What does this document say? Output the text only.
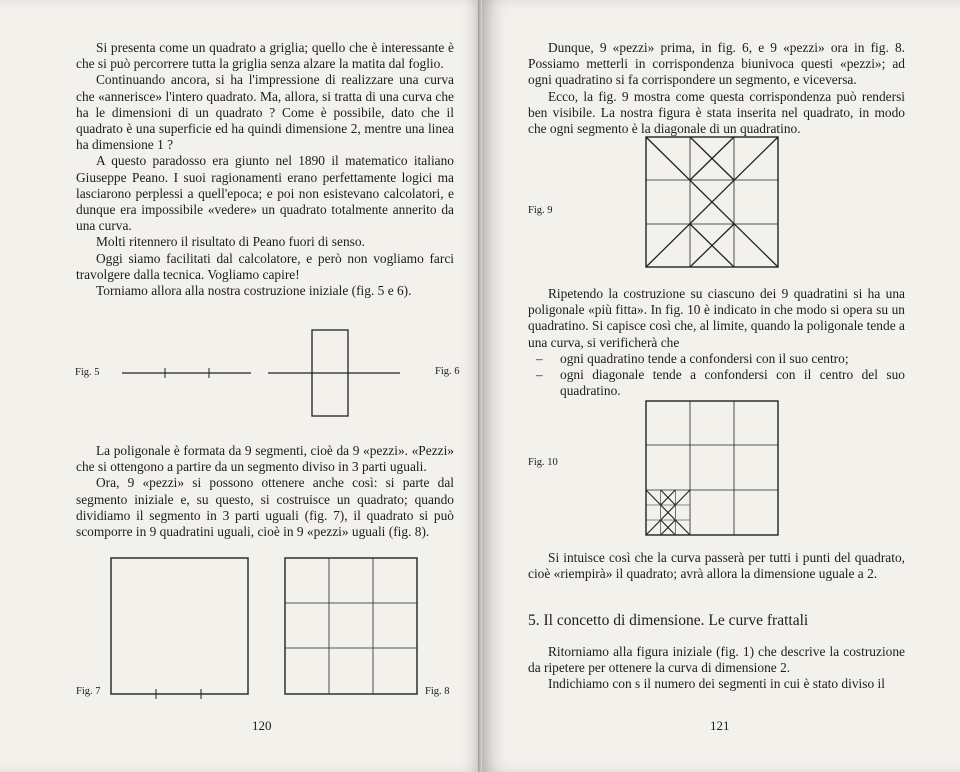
Si presenta come un quadrato a griglia; quello che è interessante è che si può percorrere tutta la griglia senza alzare la matita dal foglio.

Continuando ancora, si ha l'impressione di realizzare una curva che «annerisce» l'intero quadrato. Ma, allora, si tratta di una curva che ha le dimensioni di un quadrato ? Come è possibile, dato che il quadrato è una superficie ed ha quindi dimensione 2, mentre una linea ha dimensione 1 ?

A questo paradosso era giunto nel 1890 il matematico italiano Giuseppe Peano. I suoi ragionamenti erano perfettamente logici ma lasciarono perplessi a quell'epoca; e poi non esistevano calcolatori, e dunque era impossibile «vedere» un quadrato totalmente annerito da una curva.

Molti ritennero il risultato di Peano fuori di senso.

Oggi siamo facilitati dal calcolatore, e però non vogliamo farci travolgere dalla tecnica. Vogliamo capire!

Torniamo allora alla nostra costruzione iniziale (fig. 5 e 6).

Fig. 5	Fig. 6

La poligonale è formata da 9 segmenti, cioè da 9 «pezzi». «Pezzi» che si ottengono a partire da un segmento diviso in 3 parti uguali.

Ora, 9 «pezzi» si possono ottenere anche così: si parte dal segmento iniziale e, su questo, si costruisce un quadrato; quando dividiamo il segmento in 3 parti uguali (fig. 7), il quadrato si può scomporre in 9 quadratini uguali, cioè in 9 «pezzi» uguali (fig. 8).

Fig. 7	Fig. 8
120

Dunque, 9 «pezzi» prima, in fig. 6, e 9 «pezzi» ora in fig. 8. Possiamo metterli in corrispondenza biunivoca questi «pezzi»; ad ogni quadratino si fa corrispondere un segmento, e viceversa.

Ecco, la fig. 9 mostra come questa corrispondenza può rendersi ben visibile. La nostra figura è stata inserita nel quadrato, in modo che ogni segmento è la diagonale di un quadratino.

Fig. 9

Ripetendo la costruzione su ciascuno dei 9 quadratini si ha una poligonale «più fitta». In fig. 10 è indicato in che modo si opera su un quadratino. Si capisce così che, al limite, quando la poligonale tende a una curva, si verificherà che

– ogni quadratino tende a confondersi con il suo centro;
– ogni diagonale tende a confondersi con il centro del suo quadratino.
Fig. 10

Si intuisce così che la curva passerà per tutti i punti del quadrato, cioè «riempirà» il quadrato; avrà allora la dimensione uguale a 2.

5. Il concetto di dimensione. Le curve frattali

Ritorniamo alla figura iniziale (fig. 1) che descrive la costruzione da ripetere per ottenere la curva di dimensione 2.

Indichiamo con s il numero dei segmenti in cui è stato diviso il

121
